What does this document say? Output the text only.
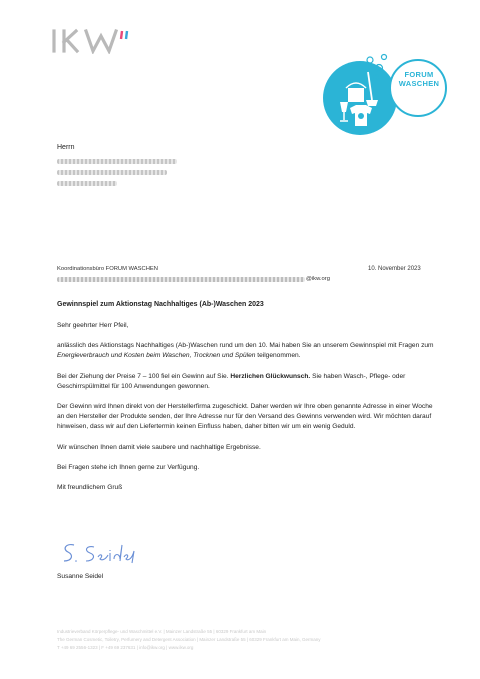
FORUM
WASCHEN
Herrn
Koordinationsbüro FORUM WASCHEN
@ikw.org
10. November 2023
Gewinnspiel zum Aktionstag Nachhaltiges (Ab-)Waschen 2023

Sehr geehrter Herr Pfeil,

anlässlich des Aktionstags Nachhaltiges (Ab-)Waschen rund um den 10. Mai haben Sie an unserem Gewinnspiel mit Fragen zum Energieverbrauch und Kosten beim Waschen, Trocknen und Spülen teilgenommen.

Bei der Ziehung der Preise 7 – 100 fiel ein Gewinn auf Sie. Herzlichen Glückwunsch. Sie haben Wasch-, Pflege- oder Geschirrspülmittel für 100 Anwendungen gewonnen.

Der Gewinn wird Ihnen direkt von der Herstellerfirma zugeschickt. Daher werden wir Ihre oben genannte Adresse in einer Woche an den Hersteller der Produkte senden, der Ihre Adresse nur für den Versand des Gewinns verwenden wird. Wir möchten darauf hinweisen, dass wir auf den Liefertermin keinen Einfluss haben, daher bitten wir um ein wenig Geduld.

Wir wünschen Ihnen damit viele saubere und nachhaltige Ergebnisse.

Bei Fragen stehe ich Ihnen gerne zur Verfügung.

Mit freundlichem Gruß

Susanne Seidel
Industrieverband Körperpflege- und Waschmittel e.V. | Mainzer Landstraße 55 | 60329 Frankfurt am Main
The German Cosmetic, Toiletry, Perfumery and Detergent Association | Mainzer Landstraße 55 | 60329 Frankfurt am Main, Germany
T +49 69 2556-1323 | F +49 69 237631 | info@ikw.org | www.ikw.org
